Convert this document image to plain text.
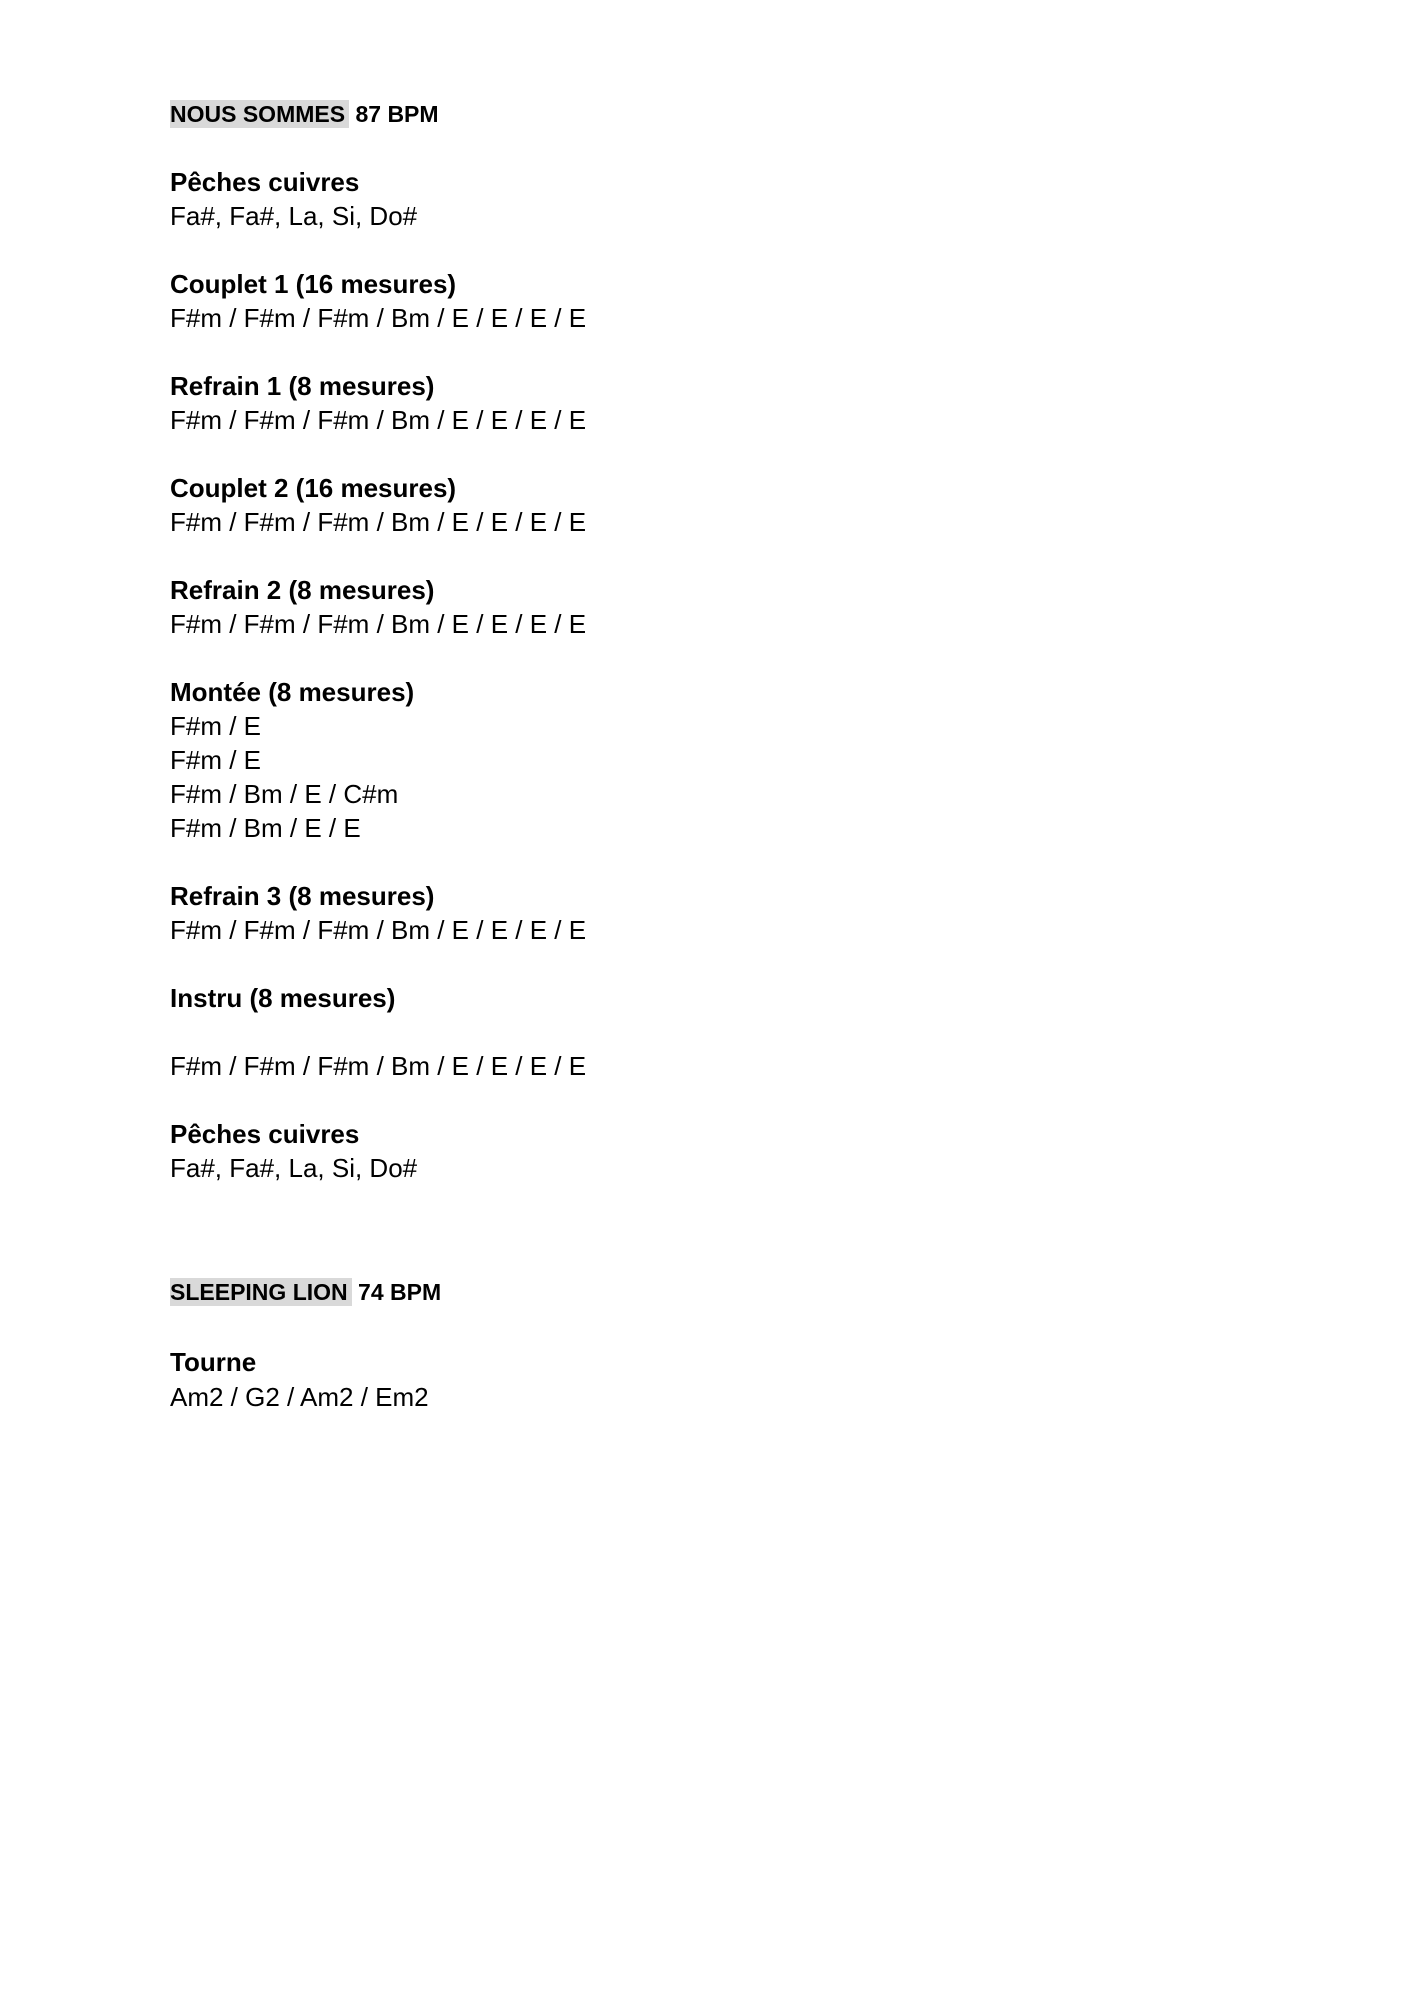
NOUS SOMMES 87 BPM
Pêches cuivres
Fa#, Fa#, La, Si, Do#
Couplet 1 (16 mesures)
F#m / F#m / F#m / Bm / E / E / E / E
Refrain 1 (8 mesures)
F#m / F#m / F#m / Bm / E / E / E / E
Couplet 2 (16 mesures)
F#m / F#m / F#m / Bm / E / E / E / E
Refrain 2 (8 mesures)
F#m / F#m / F#m / Bm / E / E / E / E
Montée (8 mesures)
F#m / E
F#m / E
F#m / Bm / E / C#m
F#m / Bm / E / E
Refrain 3 (8 mesures)
F#m / F#m / F#m / Bm / E / E / E / E
Instru (8 mesures)
F#m / F#m / F#m / Bm / E / E / E / E
Pêches cuivres
Fa#, Fa#, La, Si, Do#
SLEEPING LION 74 BPM
Tourne
Am2 / G2 / Am2 / Em2
